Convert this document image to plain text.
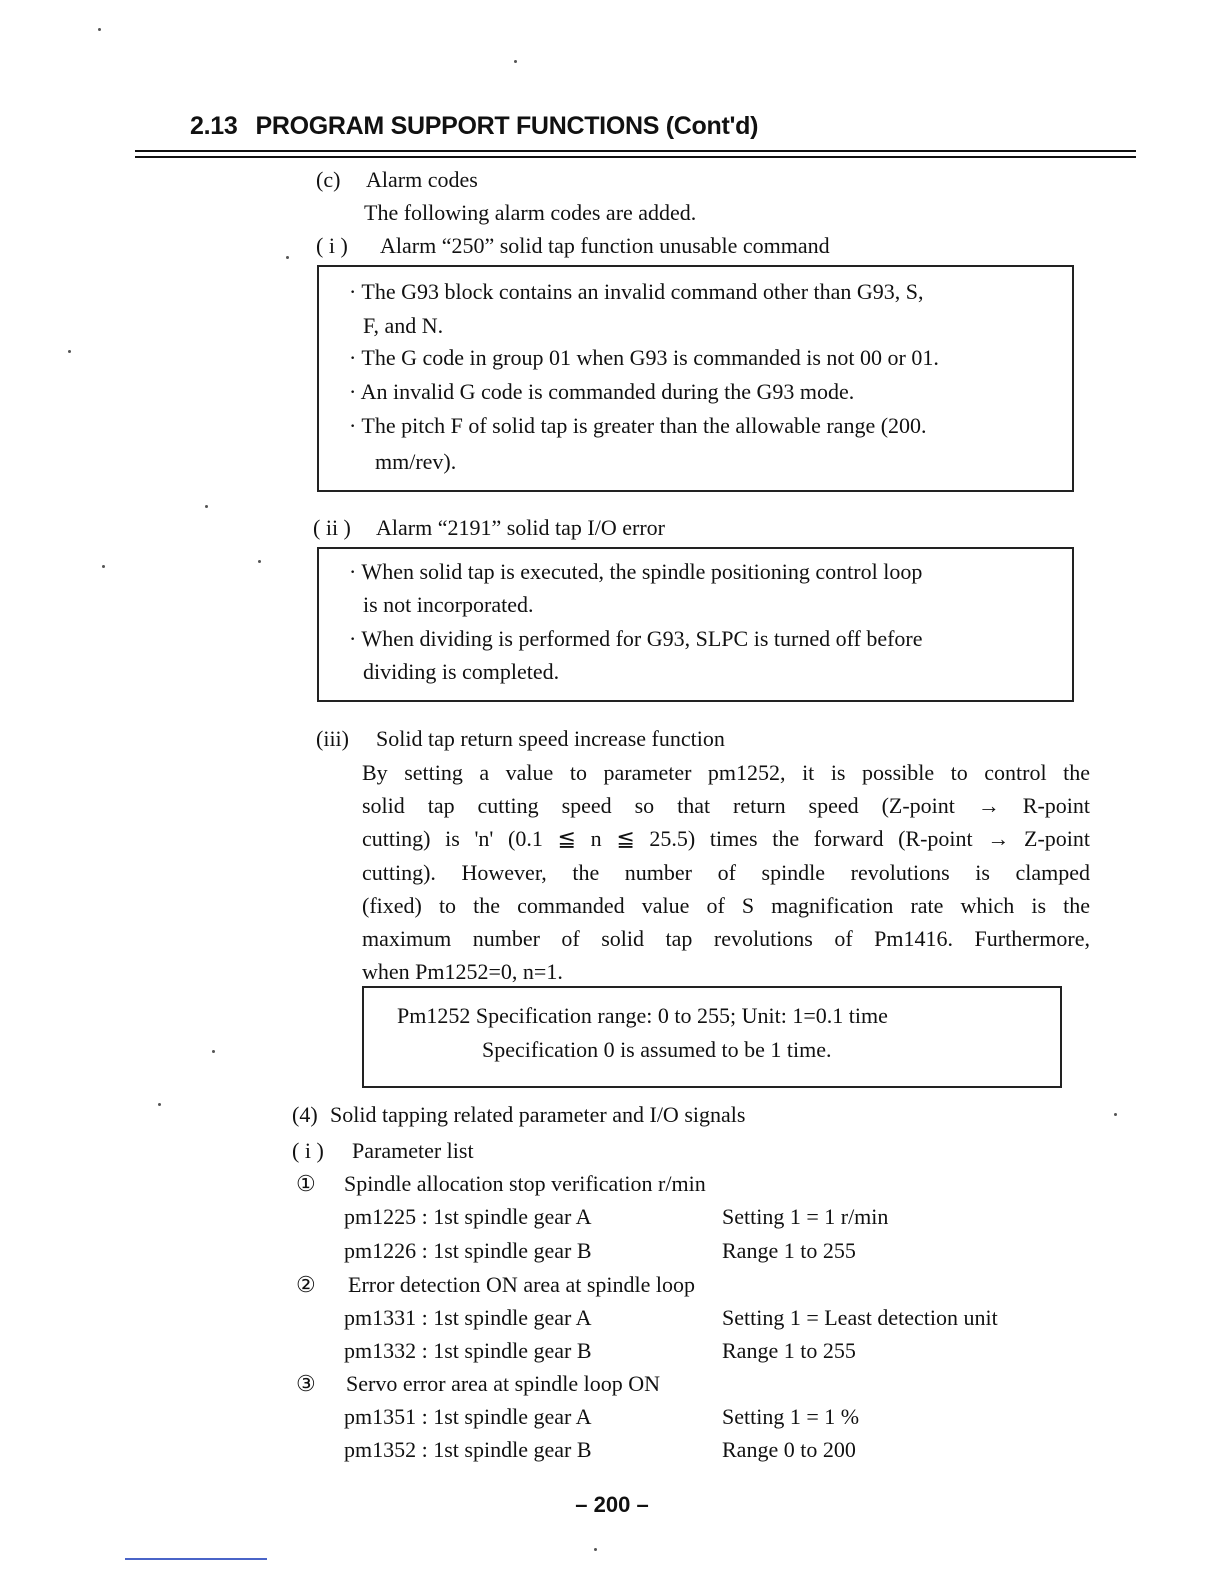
2.13 PROGRAM SUPPORT FUNCTIONS (Cont'd)
(c) Alarm codes
The following alarm codes are added.
( i ) Alarm “250” solid tap function unusable command
· The G93 block contains an invalid command other than G93, S,
F, and N.
· The G code in group 01 when G93 is commanded is not 00 or 01.
· An invalid G code is commanded during the G93 mode.
· The pitch F of solid tap is greater than the allowable range (200.
mm/rev).
( ii ) Alarm “2191” solid tap I/O error
· When solid tap is executed, the spindle positioning control loop
is not incorporated.
· When dividing is performed for G93, SLPC is turned off before
dividing is completed.
(iii) Solid tap return speed increase function
By setting a value to parameter pm1252, it is possible to control the
solid tap cutting speed so that return speed (Z-point → R-point
cutting) is 'n' (0.1 ≦ n ≦ 25.5) times the forward (R-point → Z-point
cutting). However, the number of spindle revolutions is clamped
(fixed) to the commanded value of S magnification rate which is the
maximum number of solid tap revolutions of Pm1416. Furthermore,
when Pm1252=0, n=1.
Pm1252 Specification range: 0 to 255; Unit: 1=0.1 time
Specification 0 is assumed to be 1 time.
(4) Solid tapping related parameter and I/O signals
( i ) Parameter list
① Spindle allocation stop verification r/min
pm1225 : 1st spindle gear A	Setting 1 = 1 r/min
pm1226 : 1st spindle gear B	Range 1 to 255
② Error detection ON area at spindle loop
pm1331 : 1st spindle gear A	Setting 1 = Least detection unit
pm1332 : 1st spindle gear B	Range 1 to 255
③ Servo error area at spindle loop ON
pm1351 : 1st spindle gear A	Setting 1 = 1 %
pm1352 : 1st spindle gear B	Range 0 to 200
– 200 –
